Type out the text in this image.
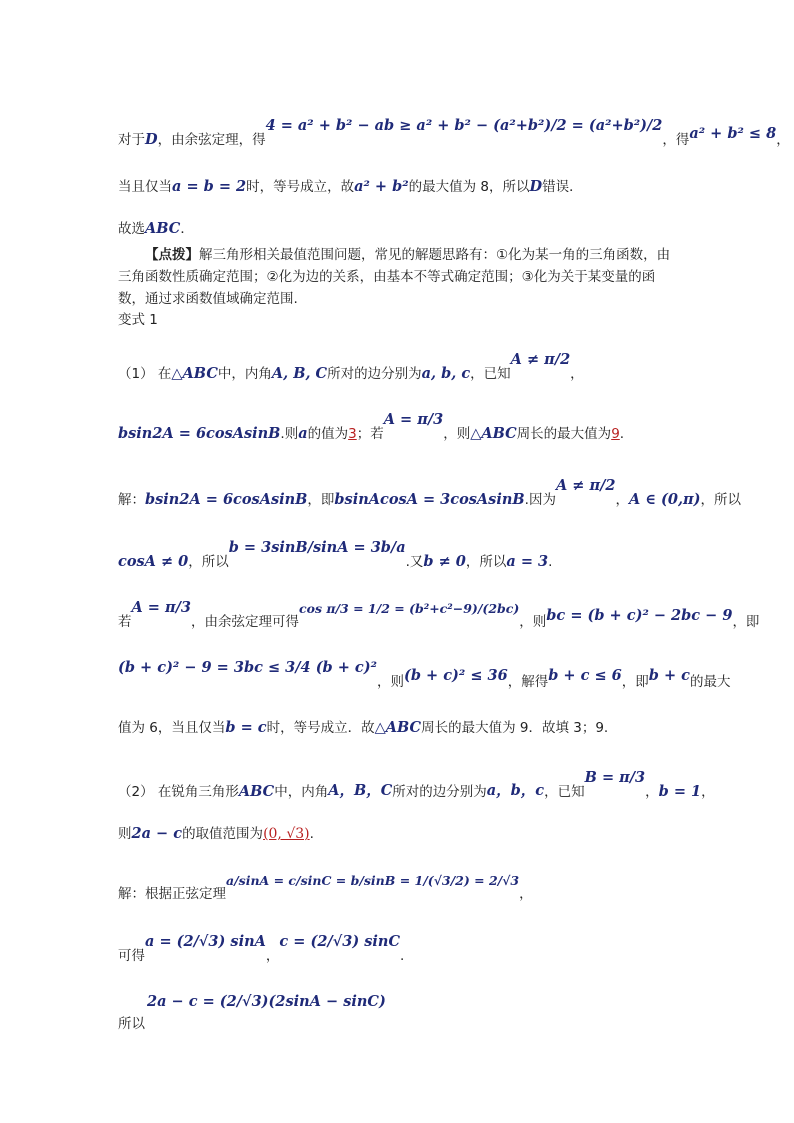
对于 D ，由余弦定理，得
4 = a² + b² − ab ≥ a² + b² − (a²+b²)/2 = (a²+b²)/2
，得 a² + b² ≤ 8 ，
当且仅当 a = b = 2 时，等号成立，故 a² + b² 的最大值为 8，所以 D 错误．
故选 ABC ．
【点拨】解三角形相关最值范围问题，常见的解题思路有：①化为某一角的三角函数，由三角函数性质确定范围；②化为边的关系，由基本不等式确定范围；③化为关于某变量的函数，通过求函数值域确定范围.
变式 1
（1）
在 △ABC 中，内角 A, B, C 所对的边分别为 a, b, c ，已知
A ≠ π/2
，
bsin2A = 6cosAsinB .则 a 的值为 3 ；若
A = π/3
，则 △ABC 周长的最大值为 9 .
解： bsin2A = 6cosAsinB ，即 bsinAcosA = 3cosAsinB .因为
A ≠ π/2
， A ∈ (0,π) ，所以
cosA ≠ 0 ，所以
b = 3sinB/sinA = 3b/a
.又 b ≠ 0 ，所以 a = 3 .
若
A = π/3
，由余弦定理可得
cos π/3 = 1/2 = (b²+c²−9)/(2bc)
，则 bc = (b + c)² − 2bc − 9 ，即
(b + c)² − 9 = 3bc ≤ 3/4 (b + c)²
，则 (b + c)² ≤ 36 ，解得 b + c ≤ 6 ，即 b + c 的最大
值为 6，当且仅当 b = c 时，等号成立．故 △ABC 周长的最大值为 9．故填 3；9.
（2）
在锐角三角形 ABC 中，内角 A，B，C 所对的边分别为 a，b，c ，已知
B = π/3
， b = 1 ，
则 2a − c 的取值范围为 (0, √3) .
解：根据正弦定理
a/sinA = c/sinC = b/sinB = 1/(√3/2) = 2/√3
，
可得
a = (2/√3) sinA
，
c = (2/√3) sinC
.
所以
2a − c = (2/√3)(2sinA − sinC)
